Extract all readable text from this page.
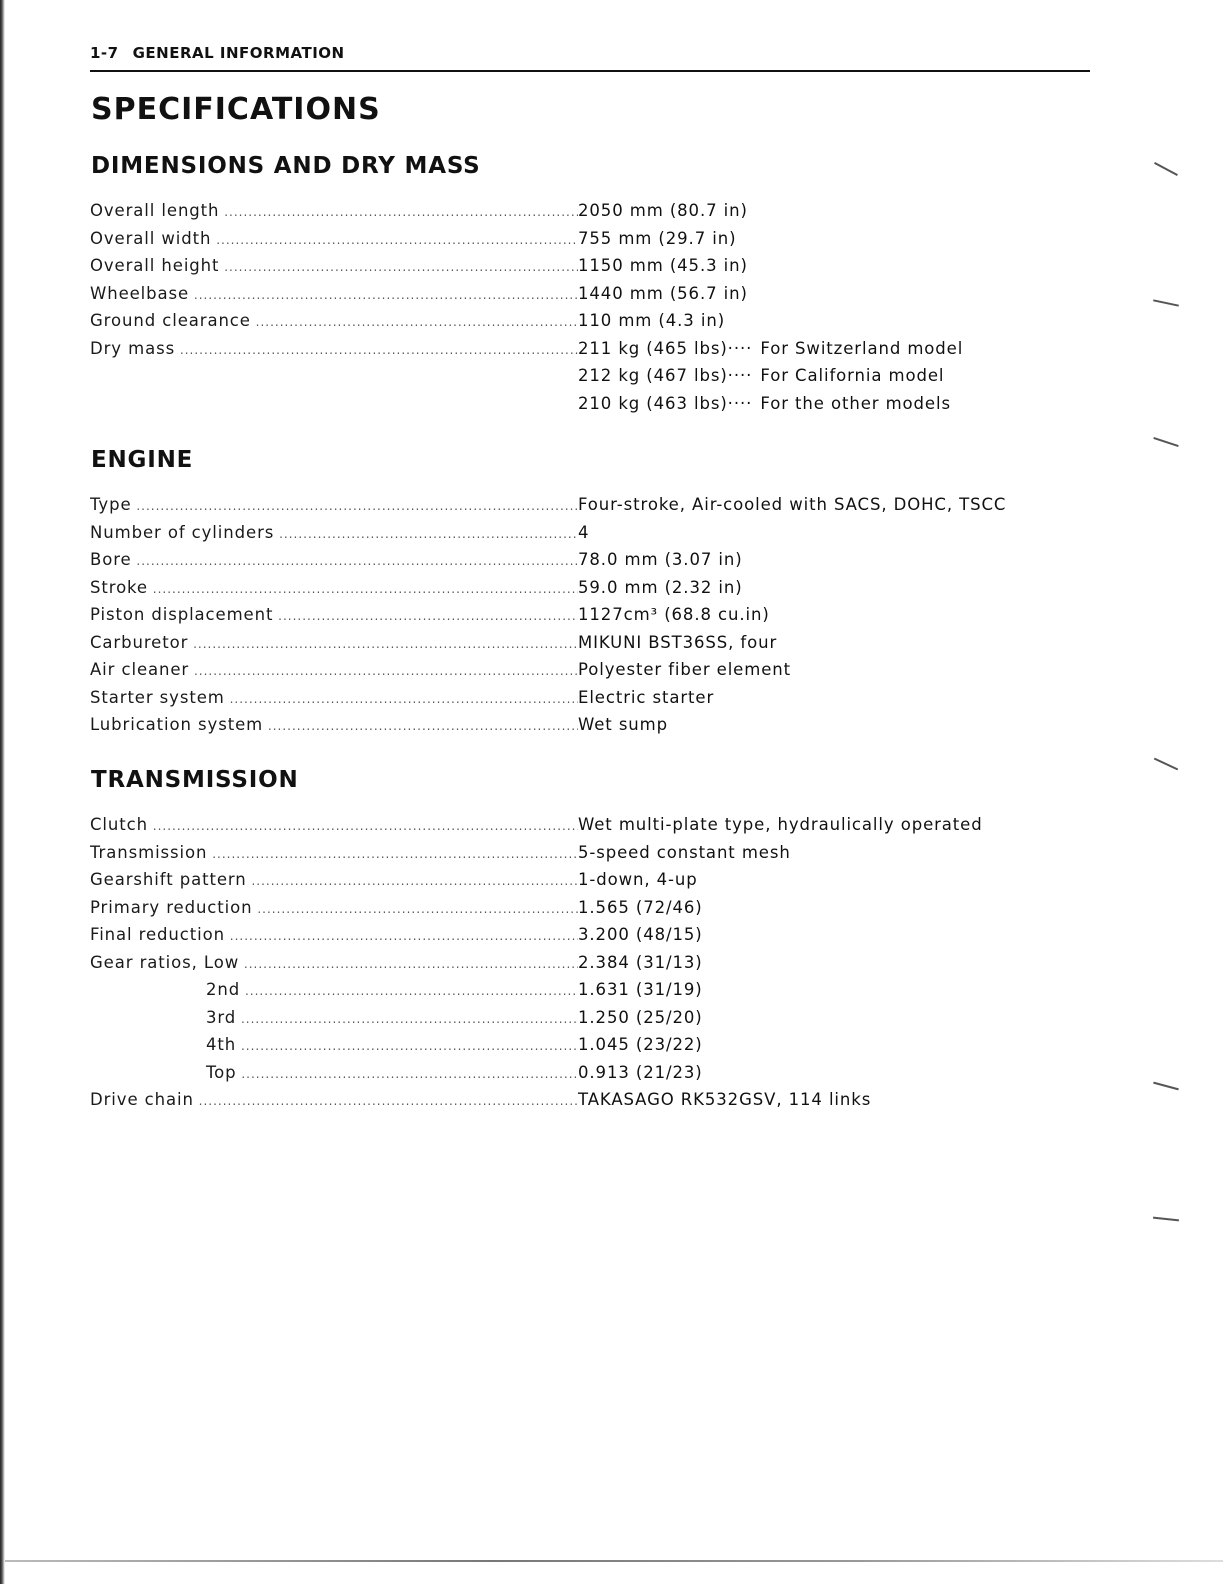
1-7 GENERAL INFORMATION
SPECIFICATIONS
DIMENSIONS AND DRY MASS
Overall length .....	2050 mm (80.7 in)
Overall width .....	755 mm (29.7 in)
Overall height .....	1150 mm (45.3 in)
Wheelbase .....	1440 mm (56.7 in)
Ground clearance .....	110 mm (4.3 in)
Dry mass .....	211 kg (465 lbs)···· For Switzerland model
212 kg (467 lbs)···· For California model
210 kg (463 lbs)···· For the other models
ENGINE
Type .....	Four-stroke, Air-cooled with SACS, DOHC, TSCC
Number of cylinders .....	4
Bore .....	78.0 mm (3.07 in)
Stroke .....	59.0 mm (2.32 in)
Piston displacement .....	1127cm³ (68.8 cu.in)
Carburetor .....	MIKUNI BST36SS, four
Air cleaner .....	Polyester fiber element
Starter system .....	Electric starter
Lubrication system .....	Wet sump
TRANSMISSION
Clutch .....	Wet multi-plate type, hydraulically operated
Transmission .....	5-speed constant mesh
Gearshift pattern .....	1-down, 4-up
Primary reduction .....	1.565 (72/46)
Final reduction .....	3.200 (48/15)
Gear ratios, Low .....	2.384 (31/13)
2nd .....	1.631 (31/19)
3rd .....	1.250 (25/20)
4th .....	1.045 (23/22)
Top .....	0.913 (21/23)
Drive chain .....	TAKASAGO RK532GSV, 114 links
